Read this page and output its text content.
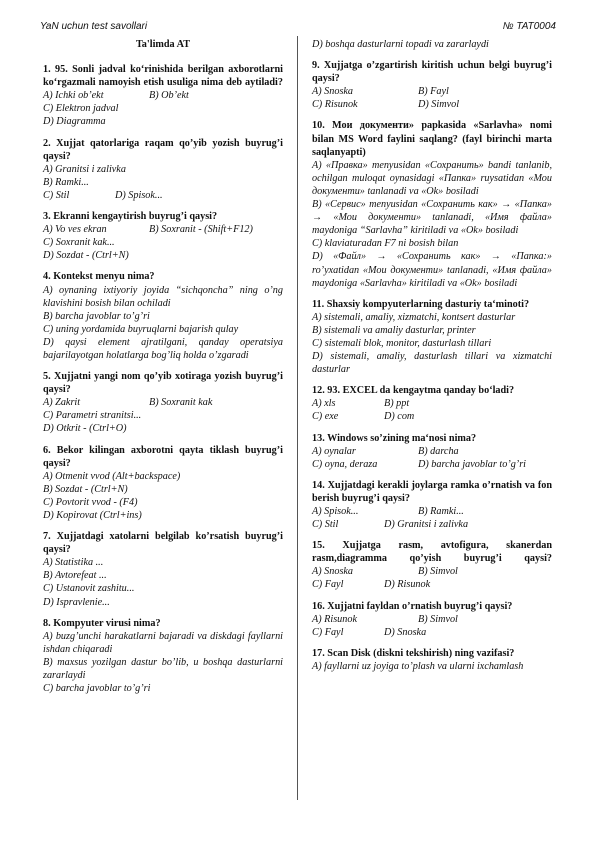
YaN uchun test savollari	№ TAT0004
Ta'limda AT
1. 95. Sonli jadval ko‘rinishida berilgan axborotlarni ko‘rgazmali namoyish etish usuliga nima deb aytiladi?
A) Ichki ob’ekt	B) Ob’ekt
C) Elektron jadval
D) Diagramma
2. Xujjat qatorlariga raqam qo’yib yozish buyrug’i qaysi?
A) Granitsi i zalivka
B) Ramki...
C) Stil	D) Spisok...
3. Ekranni kengaytirish buyrug’i qaysi?
A) Vo ves ekran	B) Soxranit - (Shift+F12)
C) Soxranit kak...
D) Sozdat - (Ctrl+N)
4. Kontekst menyu nima?
A) oynaning ixtiyoriy joyida “sichqoncha” ning o’ng klavishini bosish bilan ochiladi
B) barcha javoblar to’g’ri
C) uning yordamida buyruqlarni bajarish qulay
D) qaysi element ajratilgani, qanday operatsiya bajarilayotgan holatlarga bog’liq holda o’zgaradi
5. Xujjatni yangi nom qo’yib xotiraga yozish buyrug’i qaysi?
A) Zakrit	B) Soxranit kak
C) Parametri stranitsi...
D) Otkrit - (Ctrl+O)
6. Bekor kilingan axborotni qayta tiklash buyrug’i qaysi?
A) Otmenit vvod (Alt+backspace)
B) Sozdat - (Ctrl+N)
C) Povtorit vvod - (F4)
D) Kopirovat (Ctrl+ins)
7. Xujjatdagi xatolarni belgilab ko’rsatish buyrug’i qaysi?
A) Statistika ...
B) Avtorefeat ...
C) Ustanovit zashitu...
D) Ispravlenie...
8. Kompyuter virusi nima?
A) buzg’unchi harakatlarni bajaradi va diskdagi fayllarni ishdan chiqaradi
B) maxsus yozilgan dastur bo’lib, u boshqa dasturlarni zararlaydi
C) barcha javoblar to’g’ri
D) boshqa dasturlarni topadi va zararlaydi
9. Xujjatga o’zgartirish kiritish uchun belgi buyrug’i qaysi?
A) Snoska	B) Fayl
C) Risunok	D) Simvol
10. Мои документи» papkasida «Sarlavha» nomi bilan MS Word faylini saqlang? (fayl birinchi marta saqlanyapti)
A) «Правка» menyusidan «Сохранить» bandi tanlanib, ochilgan muloqat oynasidagi «Папка» ruysatidan «Мои документи» tanlanadi va «Ok» bosiladi
B) «Сервис» menyusidan «Сохранить как» → «Папка» → «Мои документи» tanlanadi, «Имя файла» maydoniga “Sarlavha” kiritiladi va «Ok» bosiladi
C) klaviaturadan F7 ni bosish bilan
D) «Файл» → «Сохранить как» → «Папка:» ro’yxatidan «Мои документи» tanlanadi, «Имя файла» maydoniga «Sarlavha» kiritiladi va «Ok» bosiladi
11. Shaxsiy kompyuterlarning dasturiy ta‘minoti?
A) sistemali, amaliy, xizmatchi, kontsert dasturlar
B) sistemali va amaliy dasturlar, printer
C) sistemali blok, monitor, dasturlash tillari
D) sistemali, amaliy, dasturlash tillari va xizmatchi dasturlar
12. 93. EXCEL da kengaytma qanday bo‘ladi?
A) xls	B) ppt
C) exe	D) com
13. Windows so’zining ma‘nosi nima?
A) oynalar	B) darcha
C) oyna, deraza	D) barcha javoblar to’g’ri
14. Xujjatdagi kerakli joylarga ramka o’rnatish va fon berish buyrug’i qaysi?
A) Spisok...	B) Ramki...
C) Stil	D) Granitsi i zalivka
15. Xujjatga rasm, avtofigura, skanerdan rasm,diagramma qo’yish buyrug’i qaysi?
A) Snoska	B) Simvol
C) Fayl	D) Risunok
16. Xujjatni fayldan o’rnatish buyrug’i qaysi?
A) Risunok	B) Simvol
C) Fayl	D) Snoska
17. Scan Disk (diskni tekshirish) ning vazifasi?
A) fayllarni uz joyiga to’plash va ularni ixchamlash
